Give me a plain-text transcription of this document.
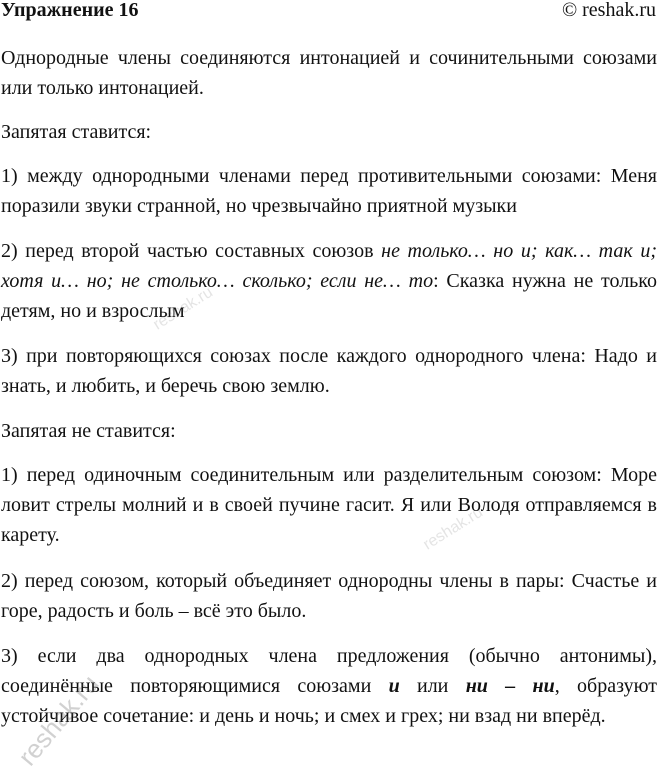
Упражнение 16	© reshak.ru

Однородные члены соединяются интонацией и сочинительными союзами или только интонацией.

Запятая ставится:

1) между однородными членами перед противительными союзами: Меня поразили звуки странной, но чрезвычайно приятной музыки

2) перед второй частью составных союзов не только… но и; как… так и; хотя и… но; не столько… сколько; если не… то: Сказка нужна не только детям, но и взрослым

3) при повторяющихся союзах после каждого однородного члена: Надо и знать, и любить, и беречь свою землю.

Запятая не ставится:

1) перед одиночным соединительным или разделительным союзом: Море ловит стрелы молний и в своей пучине гасит. Я или Володя отправляемся в карету.

2) перед союзом, который объединяет однородны члены в пары: Счастье и горе, радость и боль – всё это было.

3) если два однородных члена предложения (обычно антонимы), соединённые повторяющимися союзами и или ни – ни, образуют устойчивое сочетание: и день и ночь; и смех и грех; ни взад ни вперёд.

reshak.ru
reshak.ru
reshak.ru
